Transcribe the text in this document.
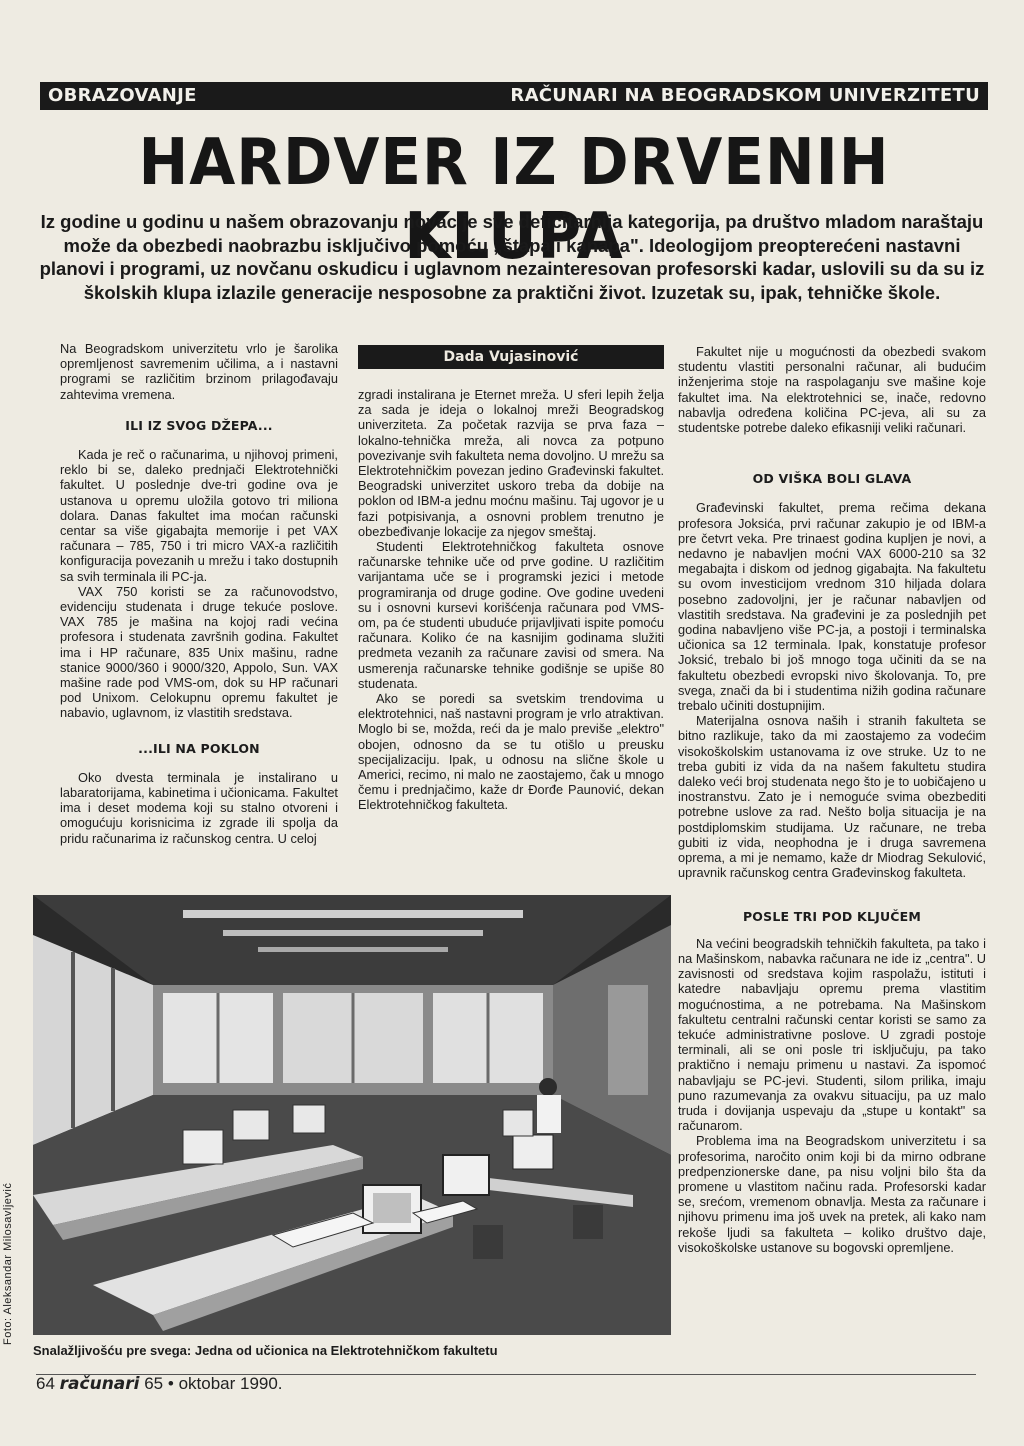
OBRAZOVANJE	RAČUNARI NA BEOGRADSKOM UNIVERZITETU
HARDVER IZ DRVENIH KLUPA
Iz godine u godinu u našem obrazovanju novac je sve deficitarnija kategorija, pa društvo mladom naraštaju može da obezbedi naobrazbu isključivo pomoću „štapa i kanapa". Ideologijom preopterećeni nastavni planovi i programi, uz novčanu oskudicu i uglavnom nezainteresovan profesorski kadar, uslovili su da su iz školskih klupa izlazile generacije nesposobne za praktični život. Izuzetak su, ipak, tehničke škole.

Na Beogradskom univerzitetu vrlo je šarolika opremljenost savremenim učilima, a i nastavni programi se različitim brzinom prilagođavaju zahtevima vremena.

ILI IZ SVOG DŽEPA...

Kada je reč o računarima, u njihovoj primeni, reklo bi se, daleko prednjači Elektrotehnički fakultet. U poslednje dve-tri godine ova je ustanova u opremu uložila gotovo tri miliona dolara. Danas fakultet ima moćan računski centar sa više gigabajta memorije i pet VAX računara – 785, 750 i tri micro VAX-a različitih konfiguracija povezanih u mrežu i tako dostupnih sa svih terminala ili PC-ja.

VAX 750 koristi se za računovodstvo, evidenciju studenata i druge tekuće poslove. VAX 785 je mašina na kojoj radi većina profesora i studenata završnih godina. Fakultet ima i HP računare, 835 Unix mašinu, radne stanice 9000/360 i 9000/320, Appolo, Sun. VAX mašine rade pod VMS-om, dok su HP računari pod Unixom. Celokupnu opremu fakultet je nabavio, uglavnom, iz vlastitih sredstava.

...ILI NA POKLON

Oko dvesta terminala je instalirano u labaratorijama, kabinetima i učionicama. Fakultet ima i deset modema koji su stalno otvoreni i omogućuju korisnicima iz zgrade ili spolja da pridu računarima iz računskog centra. U celoj

Dada Vujasinović

zgradi instalirana je Eternet mreža. U sferi lepih želja za sada je ideja o lokalnoj mreži Beogradskog univerziteta. Za početak razvija se prva faza – lokalno-tehnička mreža, ali novca za potpuno povezivanje svih fakulteta nema dovoljno. U mrežu sa Elektrotehničkim povezan jedino Građevinski fakultet. Beogradski univerzitet uskoro treba da dobije na poklon od IBM-a jednu moćnu mašinu. Taj ugovor je u fazi potpisivanja, a osnovni problem trenutno je obezbeđivanje lokacije za njegov smeštaj.

Studenti Elektrotehničkog fakulteta osnove računarske tehnike uče od prve godine. U različitim varijantama uče se i programski jezici i metode programiranja od druge godine. Ove godine uvedeni su i osnovni kursevi korišćenja računara pod VMS-om, pa će studenti ubuduće prijavljivati ispite pomoću računara. Koliko će na kasnijim godinama služiti predmeta vezanih za računare zavisi od smera. Na usmerenja računarske tehnike godišnje se upiše 80 studenata.

Ako se poredi sa svetskim trendovima u elektrotehnici, naš nastavni program je vrlo atraktivan. Moglo bi se, možda, reći da je malo previše „elektro" obojen, odnosno da se tu otišlo u preusku specijalizaciju. Ipak, u odnosu na slične škole u Americi, recimo, ni malo ne zaostajemo, čak u mnogo čemu i prednjačimo, kaže dr Đorđe Paunović, dekan Elektrotehničkog fakulteta.

Fakultet nije u mogućnosti da obezbedi svakom studentu vlastiti personalni računar, ali budućim inženjerima stoje na raspolaganju sve mašine koje fakultet ima. Na elektrotehnici se, inače, redovno nabavlja određena količina PC-jeva, ali su za studentske potrebe daleko efikasniji veliki računari.

OD VIŠKA BOLI GLAVA

Građevinski fakultet, prema rečima dekana profesora Joksića, prvi računar zakupio je od IBM-a pre četvrt veka. Pre trinaest godina kupljen je novi, a nedavno je nabavljen moćni VAX 6000-210 sa 32 megabajta i diskom od jednog gigabajta. Na fakultetu su ovom investicijom vrednom 310 hiljada dolara posebno zadovoljni, jer je računar nabavljen od vlastitih sredstava. Na građevini je za poslednjih pet godina nabavljeno više PC-ja, a postoji i terminalska učionica sa 12 terminala. Ipak, konstatuje profesor Joksić, trebalo bi još mnogo toga učiniti da se na fakultetu obezbedi evropski nivo školovanja. To, pre svega, znači da bi i studentima nižih godina računare trebalo učiniti dostupnijim.

Materijalna osnova naših i stranih fakulteta se bitno razlikuje, tako da mi zaostajemo za vodećim visokoškolskim ustanovama iz ove struke. Uz to ne treba gubiti iz vida da na našem fakultetu studira daleko veći broj studenata nego što je to uobičajeno u inostranstvu. Zato je i nemoguće svima obezbediti potrebne uslove za rad. Nešto bolja situacija je na postdiplomskim studijama. Uz računare, ne treba gubiti iz vida, neophodna je i druga savremena oprema, a mi je nemamo, kaže dr Miodrag Sekulović, upravnik računskog centra Građevinskog fakulteta.

POSLE TRI POD KLJUČEM

Na većini beogradskih tehničkih fakulteta, pa tako i na Mašinskom, nabavka računara ne ide iz „centra". U zavisnosti od sredstava kojim raspolažu, istituti i katedre nabavljaju opremu prema vlastitim mogućnostima, a ne potrebama. Na Mašinskom fakultetu centralni računski centar koristi se samo za tekuće administrativne poslove. U zgradi postoje terminali, ali se oni posle tri isključuju, pa tako praktično i nemaju primenu u nastavi. Za ispomoć nabavljaju se PC-jevi. Studenti, silom prilika, imaju puno razumevanja za ovakvu situaciju, pa uz malo truda i dovijanja uspevaju da „stupe u kontakt" sa računarom.

Problema ima na Beogradskom univerzitetu i sa profesorima, naročito onim koji bi da mirno odbrane predpenzionerske dane, pa nisu voljni bilo šta da promene u vlastitom načinu rada. Profesorski kadar se, srećom, vremenom obnavlja. Mesta za računare i njihovu primenu ima još uvek na pretek, ali kako nam rekoše ljudi sa fakulteta – koliko društvo daje, visokoškolske ustanove su bogovski opremljene.

Foto: Aleksandar Milosavljević
Snalažljivošću pre svega: Jedna od učionica na Elektrotehničkom fakultetu
64 računari 65 • oktobar 1990.
